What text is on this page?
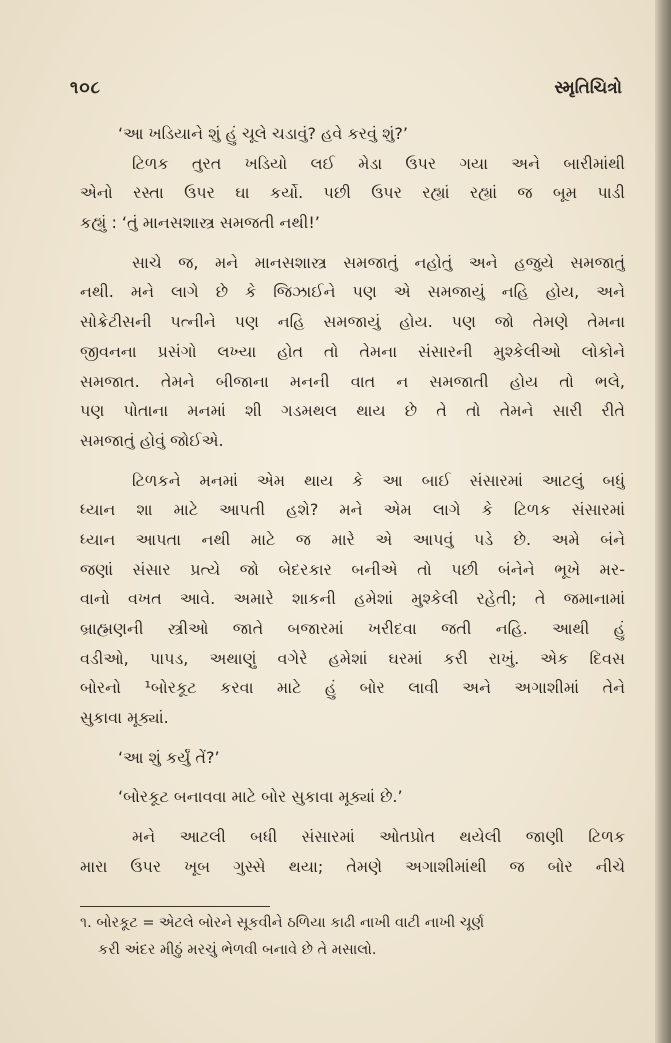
૧૦૮	સ્મૃતિચિત્રો
‘આ ખડિયાને શું હું ચૂલે ચડાવું? હવે કરવું શું?’
ટિળક તુરત ખડિયો લઈ મેડા ઉપર ગયા અને બારીમાંથી
એનો રસ્તા ઉપર ઘા કર્યો. પછી ઉપર રહ્યાં રહ્યાં જ બૂમ પાડી
કહ્યું : ‘તું માનસશાસ્ત્ર સમજતી નથી!’
સાચે જ, મને માનસશાસ્ત્ર સમજાતું નહોતું અને હજુયે સમજાતું
નથી. મને લાગે છે કે જિઝાઈને પણ એ સમજાયું નહિ હોય, અને
સોક્રેટીસની પત્નીને પણ નહિ સમજાયું હોય. પણ જો તેમણે તેમના
જીવનના પ્રસંગો લખ્યા હોત તો તેમના સંસારની મુશ્કેલીઓ લોકોને
સમજાત. તેમને બીજાના મનની વાત ન સમજાતી હોય તો ભલે,
પણ પોતાના મનમાં શી ગડમથલ થાય છે તે તો તેમને સારી રીતે
સમજાતું હોવું જોઈએ.
ટિળકને મનમાં એમ થાય કે આ બાઈ સંસારમાં આટલું બધું
ધ્યાન શા માટે આપતી હશે? મને એમ લાગે કે ટિળક સંસારમાં
ધ્યાન આપતા નથી માટે જ મારે એ આપવું પડે છે. અમે બંને
જણાં સંસાર પ્રત્યે જો બેદરકાર બનીએ તો પછી બંનેને ભૂખે મર-
વાનો વખત આવે. અમારે શાકની હમેશાં મુશ્કેલી રહેતી; તે જમાનામાં
બ્રાહ્મણની સ્ત્રીઓ જાતે બજારમાં ખરીદવા જતી નહિ. આથી હું
વડીઓ, પાપડ, અથાણું વગેરે હમેશાં ઘરમાં કરી રાખું. એક દિવસ
બોરનો ¹બોરકૂટ કરવા માટે હું બોર લાવી અને અગાશીમાં તેને
સુકાવા મૂક્યાં.
‘આ શું કર્યું તેં?’
‘બોરકૂટ બનાવવા માટે બોર સુકાવા મૂક્યાં છે.’
મને આટલી બધી સંસારમાં ઓતપ્રોત થયેલી જાણી ટિળક
મારા ઉપર ખૂબ ગુસ્સે થયા; તેમણે અગાશીમાંથી જ બોર નીચે
૧. બોરકૂટ = એટલે બોરને સૂકવીને ઠળિયા કાઢી નાખી વાટી નાખી ચૂર્ણ
કરી અંદર મીઠું મરચું ભેળવી બનાવે છે તે મસાલો.
